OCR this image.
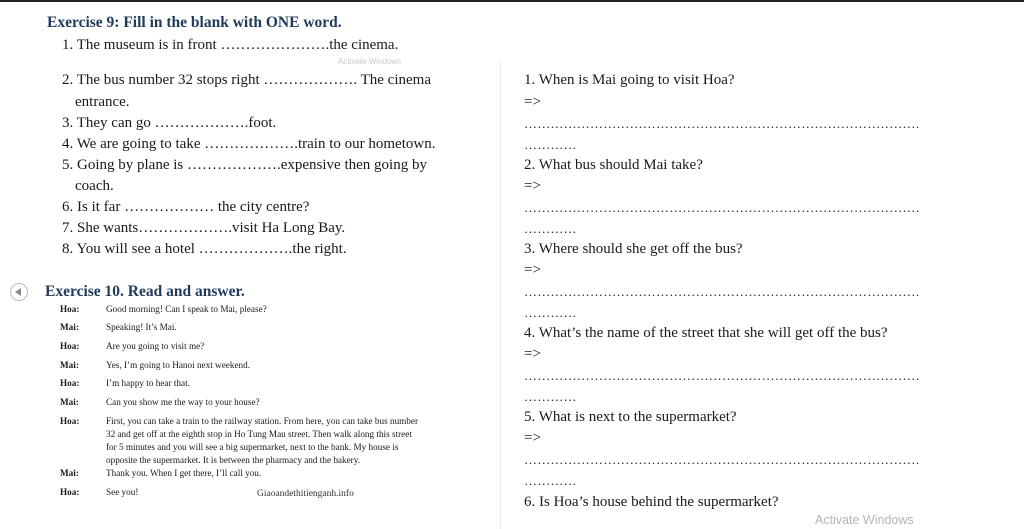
Exercise 9: Fill in the blank with ONE word.
1. The museum is in front ………………….the cinema.
Activate Windows
2. The bus number 32 stops right ………………. The cinema
entrance.
3. They can go ……………….foot.
4. We are going to take ……………….train to our hometown.
5. Going by plane is ……………….expensive then going by
coach.
6. Is it far ……………… the city centre?
7. She wants……………….visit Ha Long Bay.
8. You will see a hotel ……………….the right.
Exercise 10. Read and answer.
Hoa:	Good morning! Can I speak to Mai, please?
Mai:	Speaking! It’s Mai.
Hoa:	Are you going to visit me?
Mai:	Yes, I’m going to Hanoi next weekend.
Hoa:	I’m happy to hear that.
Mai:	Can you show me the way to your house?
Hoa:	First, you can take a train to the railway station. From here, you can take bus number
32 and get off at the eighth stop in Ho Tung Mau street. Then walk along this street
for 5 minutes and you will see a big supermarket, next to the bank. My house is
opposite the supermarket. It is between the pharmacy and the bakery.
Mai:	Thank you. When I get there, I’ll call you.
Hoa:	See you!	Giaoandethitienganh.info
1. When is Mai going to visit Hoa?
=>
………………………………………………………………………………
…………
2. What bus should Mai take?
=>
………………………………………………………………………………
…………
3. Where should she get off the bus?
=>
………………………………………………………………………………
…………
4. What’s the name of the street that she will get off the bus?
=>
………………………………………………………………………………
…………
5. What is next to the supermarket?
=>
………………………………………………………………………………
…………
6. Is Hoa’s house behind the supermarket?
Activate Windows
